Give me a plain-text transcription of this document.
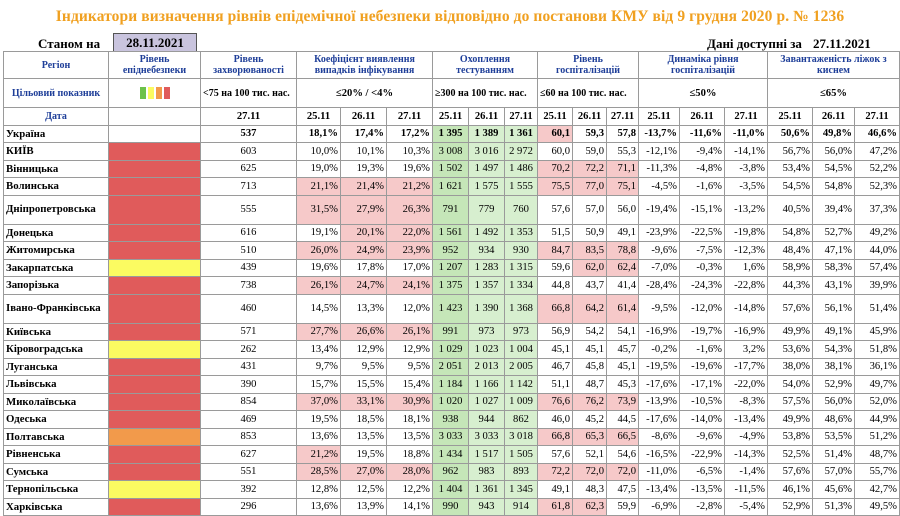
Індикатори визначення рівнів епідемічної небезпеки відповідно до постанови КМУ від 9 грудня 2020 р. № 1236
Станом на	28.11.2021	Дані доступні за 27.11.2021
Регіон	Рівень епіднебезпеки	Рівень захворюваності	Коефіцієнт виявлення випадків інфікування			Охоплення тестуванням			Рівень госпіталізацій			Динаміка рівня госпіталізацій			Завантаженість ліжок з киснем		
Цільовий показник		<75 на 100 тис. нас.	≤20% / <4%			≥300 на 100 тис. нас.			≤60 на 100 тис. нас.			≤50%			≤65%		
Дата		27.11	25.11	26.11	27.11	25.11	26.11	27.11	25.11	26.11	27.11	25.11	26.11	27.11	25.11	26.11	27.11
Україна		537	18,1%	17,4%	17,2%	1 395	1 389	1 361	60,1	59,3	57,8	-13,7%	-11,6%	-11,0%	50,6%	49,8%	46,6%
КИЇВ		603	10,0%	10,1%	10,3%	3 008	3 016	2 972	60,0	59,0	55,3	-12,1%	-9,4%	-14,1%	56,7%	56,0%	47,2%
Вінницька		625	19,0%	19,3%	19,6%	1 502	1 497	1 486	70,2	72,2	71,1	-11,3%	-4,8%	-3,8%	53,4%	54,5%	52,2%
Волинська		713	21,1%	21,4%	21,2%	1 621	1 575	1 555	75,5	77,0	75,1	-4,5%	-1,6%	-3,5%	54,5%	54,8%	52,3%
Дніпропетровська		555	31,5%	27,9%	26,3%	791	779	760	57,6	57,0	56,0	-19,4%	-15,1%	-13,2%	40,5%	39,4%	37,3%
Донецька		616	19,1%	20,1%	22,0%	1 561	1 492	1 353	51,5	50,9	49,1	-23,9%	-22,5%	-19,8%	54,8%	52,7%	49,2%
Житомирська		510	26,0%	24,9%	23,9%	952	934	930	84,7	83,5	78,8	-9,6%	-7,5%	-12,3%	48,4%	47,1%	44,0%
Закарпатська		439	19,6%	17,8%	17,0%	1 207	1 283	1 315	59,6	62,0	62,4	-7,0%	-0,3%	1,6%	58,9%	58,3%	57,4%
Запорізька		738	26,1%	24,7%	24,1%	1 375	1 357	1 334	44,8	43,7	41,4	-28,4%	-24,3%	-22,8%	44,3%	43,1%	39,9%
Івано-Франківська		460	14,5%	13,3%	12,0%	1 423	1 390	1 368	66,8	64,2	61,4	-9,5%	-12,0%	-14,8%	57,6%	56,1%	51,4%
Київська		571	27,7%	26,6%	26,1%	991	973	973	56,9	54,2	54,1	-16,9%	-19,7%	-16,9%	49,9%	49,1%	45,9%
Кіровоградська		262	13,4%	12,9%	12,9%	1 029	1 023	1 004	45,1	45,1	45,7	-0,2%	-1,6%	3,2%	53,6%	54,3%	51,8%
Луганська		431	9,7%	9,5%	9,5%	2 051	2 013	2 005	46,7	45,8	45,1	-19,5%	-19,6%	-17,7%	38,0%	38,1%	36,1%
Львівська		390	15,7%	15,5%	15,4%	1 184	1 166	1 142	51,1	48,7	45,3	-17,6%	-17,1%	-22,0%	54,0%	52,9%	49,7%
Миколаївська		854	37,0%	33,1%	30,9%	1 020	1 027	1 009	76,6	76,2	73,9	-13,9%	-10,5%	-8,3%	57,5%	56,0%	52,0%
Одеська		469	19,5%	18,5%	18,1%	938	944	862	46,0	45,2	44,5	-17,6%	-14,0%	-13,4%	49,9%	48,6%	44,9%
Полтавська		853	13,6%	13,5%	13,5%	3 033	3 033	3 018	66,8	65,3	66,5	-8,6%	-9,6%	-4,9%	53,8%	53,5%	51,2%
Рівненська		627	21,2%	19,5%	18,8%	1 434	1 517	1 505	57,6	52,1	54,6	-16,5%	-22,9%	-14,3%	52,5%	51,4%	48,7%
Сумська		551	28,5%	27,0%	28,0%	962	983	893	72,2	72,0	72,0	-11,0%	-6,5%	-1,4%	57,6%	57,0%	55,7%
Тернопільська		392	12,8%	12,5%	12,2%	1 404	1 361	1 345	49,1	48,3	47,5	-13,4%	-13,5%	-11,5%	46,1%	45,6%	42,7%
Харківська		296	13,6%	13,9%	14,1%	990	943	914	61,8	62,3	59,9	-6,9%	-2,8%	-5,4%	52,9%	51,3%	49,5%
